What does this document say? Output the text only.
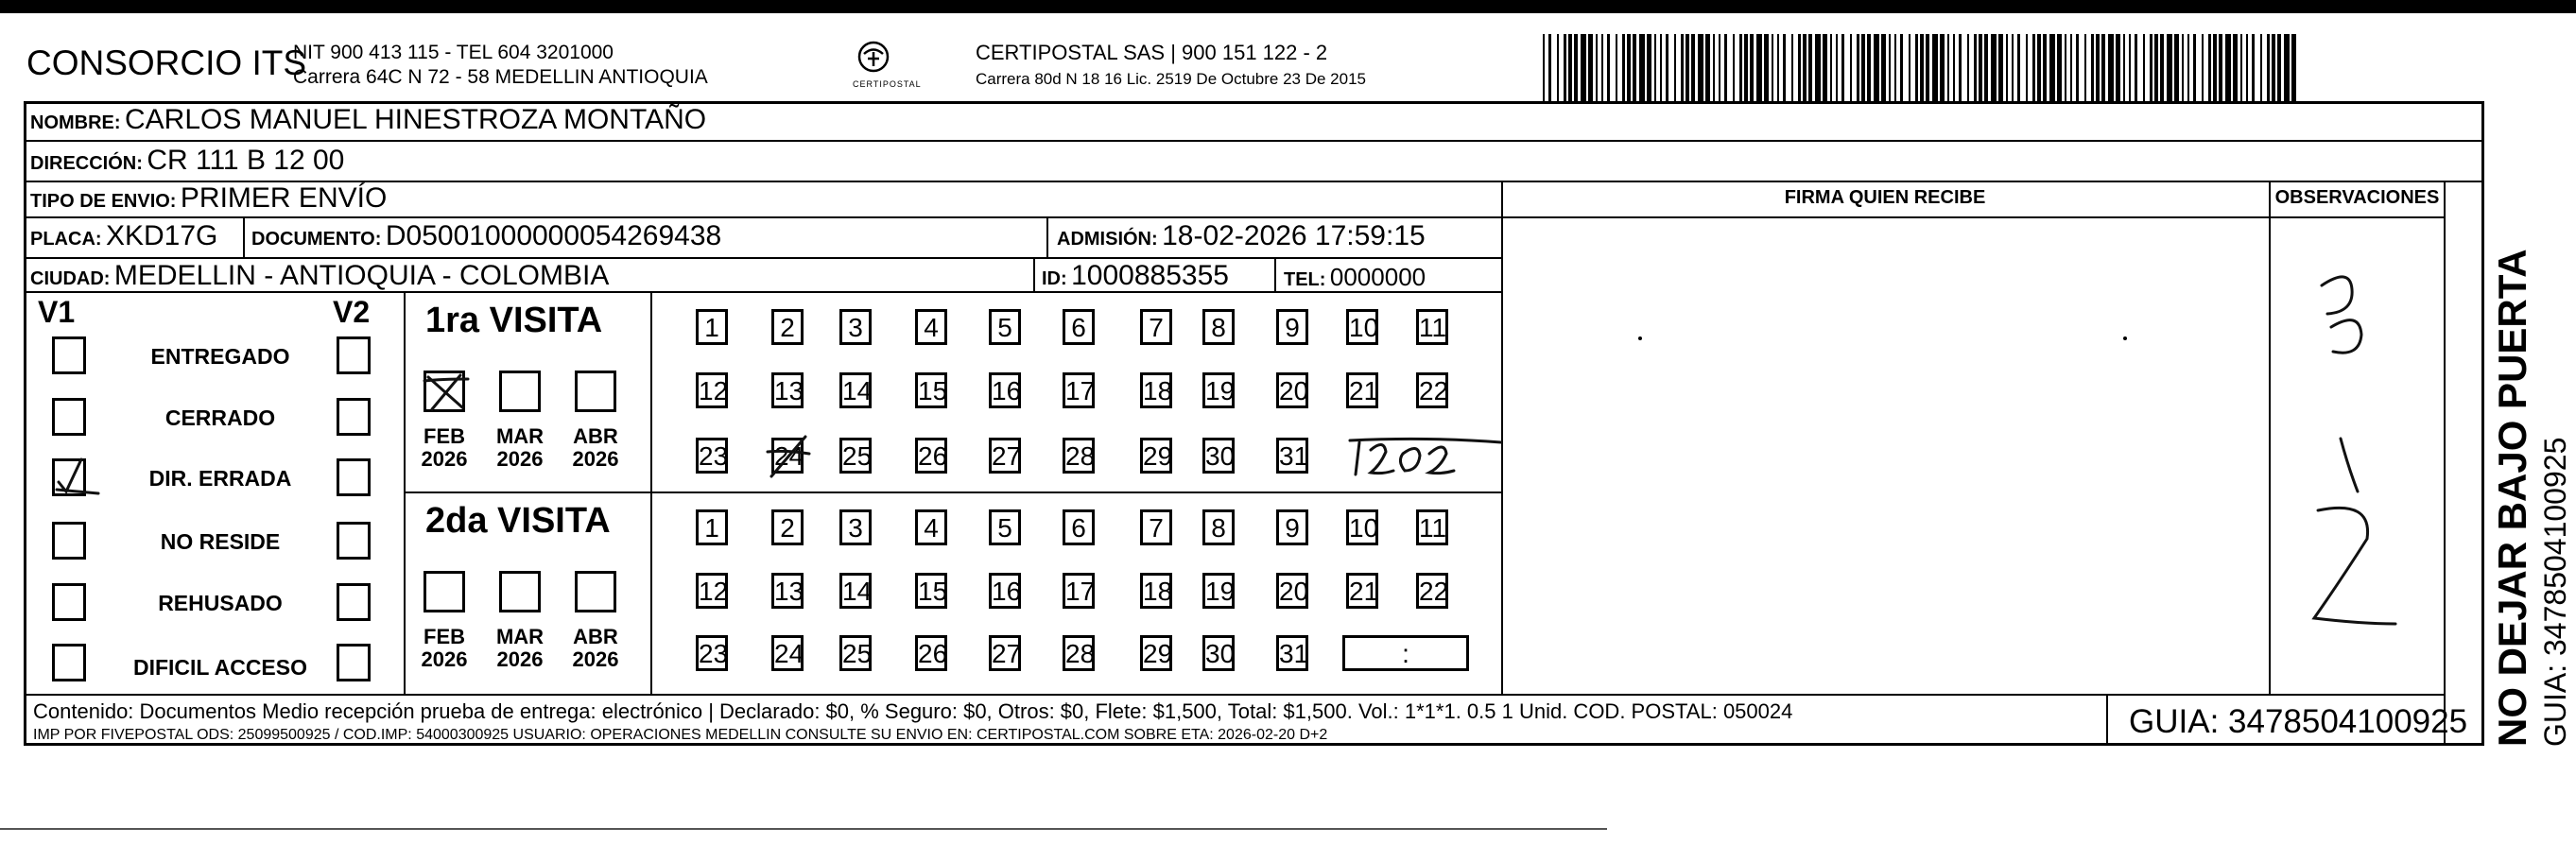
CONSORCIO ITS
NIT 900 413 115 - TEL 604 3201000
Carrera 64C N 72 - 58 MEDELLIN ANTIOQUIA	CERTIPOSTAL
CERTIPOSTAL SAS | 900 151 122 - 2
Carrera 80d N 18 16 Lic. 2519 De Octubre 23 De 2015
NOMBRE: CARLOS MANUEL HINESTROZA MONTAÑO
DIRECCIÓN: CR 111 B 12 00
TIPO DE ENVIO: PRIMER ENVÍO
PLACA: XKD17G DOCUMENTO: D05001000000054269438	ADMISIÓN: 18-02-2026 17:59:15
CIUDAD: MEDELLIN - ANTIOQUIA - COLOMBIA	ID: 1000885355	TEL: 0000000
FIRMA QUIEN RECIBE	OBSERVACIONES
V1	V2
ENTREGADO
CERRADO
DIR. ERRADA
NO RESIDE
REHUSADO
DIFICIL ACCESO
1ra VISITA
2da VISITA
FEB
2026
MAR
2026
ABR
2026
FEB
2026
MAR
2026
ABR
2026
1	2	3	4	5	6	7	8	9	10 11
12 13 14 15 16 17 18 19 20 21 22
23 24 25 26 27 28 29 30 31
1	2	3	4	5	6	7	8	9	10 11
12 13 14 15 16 17 18 19 20 21 22
23 24 25 26 27 28 29 30 31	:
Contenido: Documentos Medio recepción prueba de entrega: electrónico | Declarado: $0, % Seguro: $0, Otros: $0, Flete: $1,500, Total: $1,500. Vol.: 1*1*1. 0.5 1 Unid. COD. POSTAL: 050024
IMP POR FIVEPOSTAL ODS: 25099500925 / COD.IMP: 54000300925 USUARIO: OPERACIONES MEDELLIN CONSULTE SU ENVIO EN: CERTIPOSTAL.COM SOBRE ETA: 2026-02-20 D+2	GUIA: 3478504100925 NO DEJAR BAJO PUERTA GUIA: 3478504100925
